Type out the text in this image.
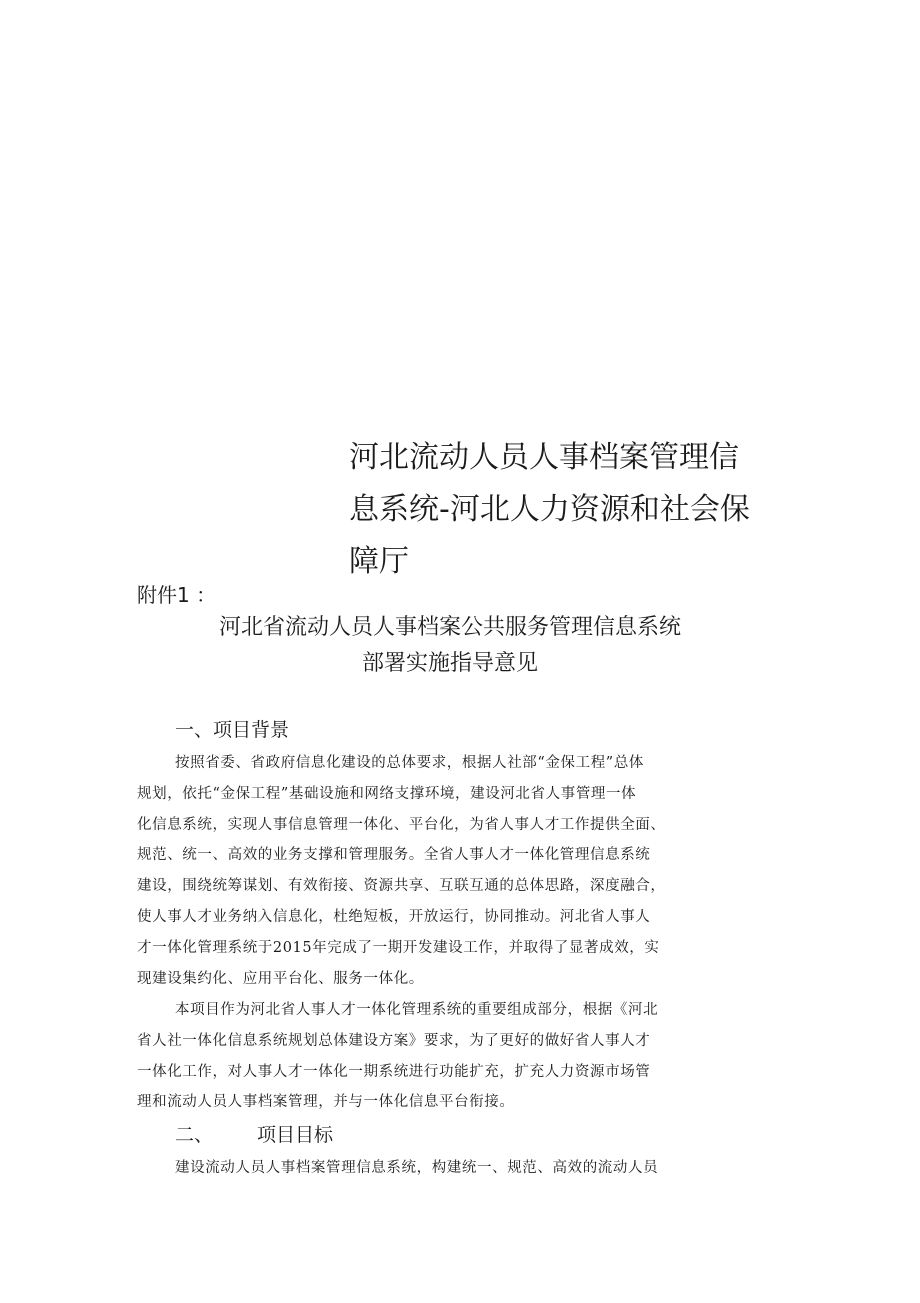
河北流动人员人事档案管理信
息系统-河北人力资源和社会保
障厅
附件1 ：
河北省流动人员人事档案公共服务管理信息系统
部署实施指导意见
一、项目背景
按照省委、省政府信息化建设的总体要求，根据人社部“金保工程”总体
规划，依托“金保工程”基础设施和网络支撑环境，建设河北省人事管理一体
化信息系统，实现人事信息管理一体化、平台化，为省人事人才工作提供全面、
规范、统一、高效的业务支撑和管理服务。全省人事人才一体化管理信息系统
建设，围绕统筹谋划、有效衔接、资源共享、互联互通的总体思路，深度融合，
使人事人才业务纳入信息化，杜绝短板，开放运行，协同推动。河北省人事人
才一体化管理系统于2015年完成了一期开发建设工作，并取得了显著成效，实
现建设集约化、应用平台化、服务一体化。
本项目作为河北省人事人才一体化管理系统的重要组成部分，根据《河北
省人社一体化信息系统规划总体建设方案》要求，为了更好的做好省人事人才
一体化工作，对人事人才一体化一期系统进行功能扩充，扩充人力资源市场管
理和流动人员人事档案管理，并与一体化信息平台衔接。
二、 项目目标
建设流动人员人事档案管理信息系统，构建统一、规范、高效的流动人员
